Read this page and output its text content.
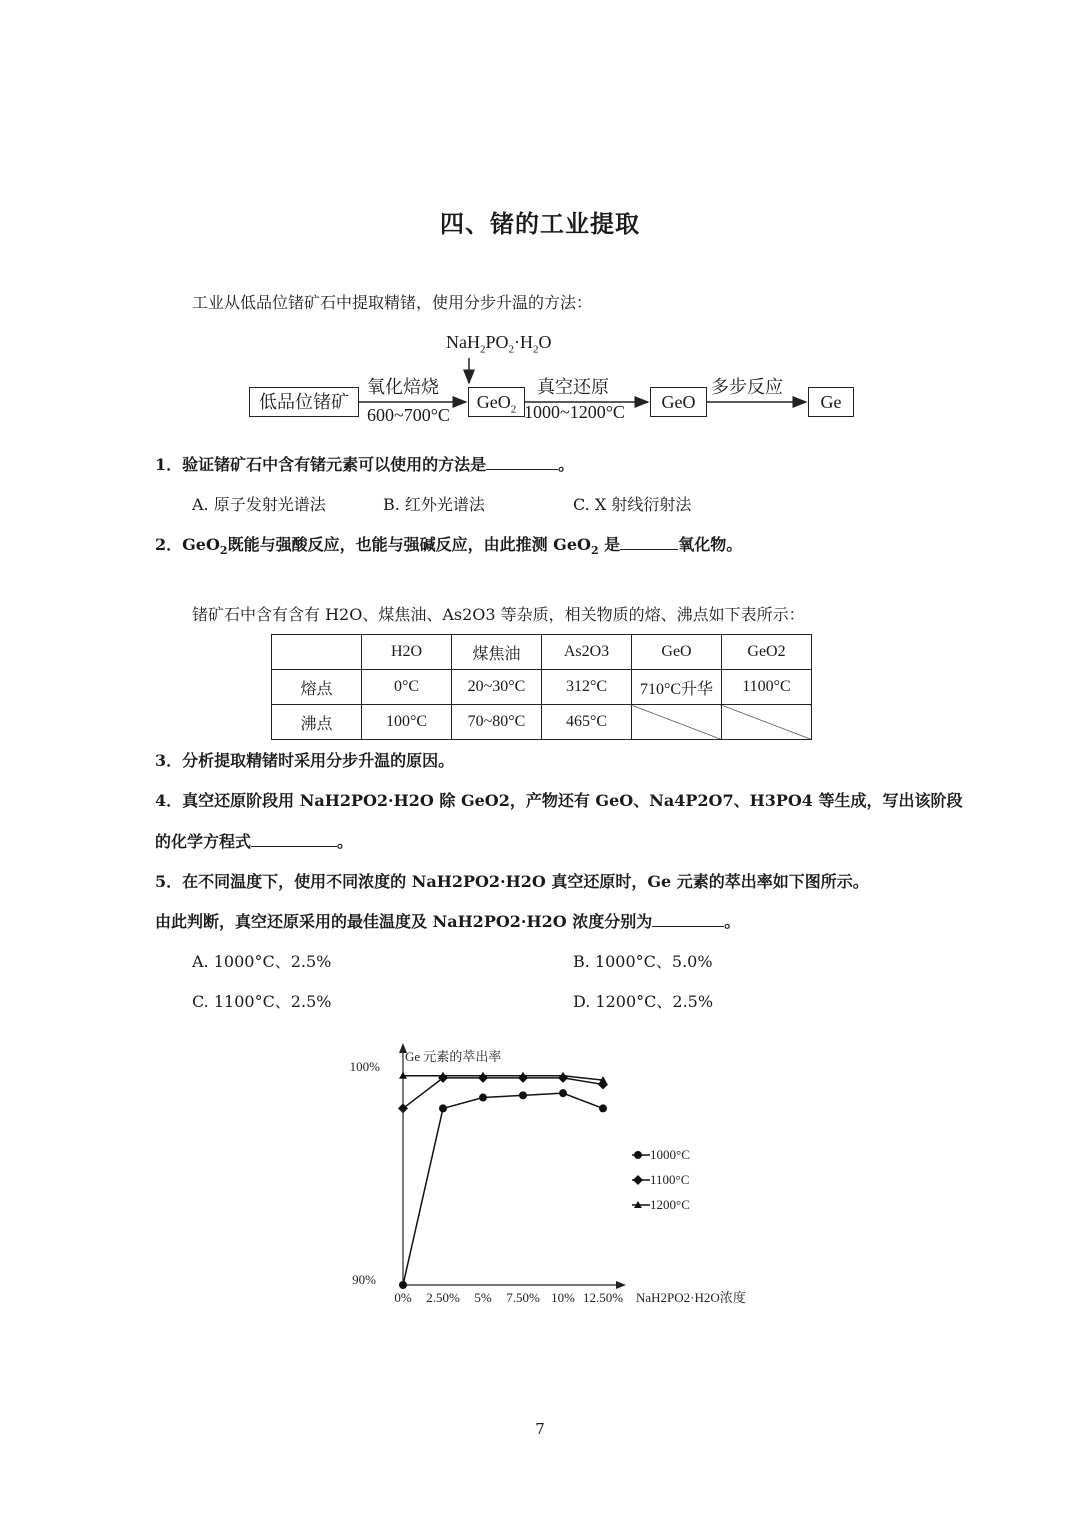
四、锗的工业提取
工业从低品位锗矿石中提取精锗，使用分步升温的方法：
$NaH_2PO_2\cdot H_2O$
低品位锗矿
氧化焙烧
600~700°C
GeO$_2$
真空还原
1000~1200°C	GeO
多步反应
Ge
1．验证锗矿石中含有锗元素可以使用的方法是	。
A. 原子发射光谱法	B. 红外光谱法	C. X 射线衍射法
2．GeO$_2$既能与强酸反应，也能与强碱反应，由此推测 GeO$_2$ 是	氧化物。
锗矿石中含有含有 H2O、煤焦油、As2O3 等杂质，相关物质的熔、沸点如下表所示：
	H2O	煤焦油	As2O3	GeO	GeO2
熔点	0°C	20~30°C	312°C	710°C升华	1100°C
沸点	100°C	70~80°C	465°C		
3．分析提取精锗时采用分步升温的原因。
4．真空还原阶段用 NaH2PO2·H2O 除 GeO2，产物还有 GeO、Na4P2O7、H3PO4 等生成，写出该阶段
的化学方程式	。
5．在不同温度下，使用不同浓度的 NaH2PO2·H2O 真空还原时，Ge 元素的萃出率如下图所示。
由此判断，真空还原采用的最佳温度及 NaH2PO2·H2O 浓度分别为	。
A. 1000°C、2.5%	B. 1000°C、5.0%
C. 1100°C、2.5%	D. 1200°C、2.5%
Ge 元素的萃出率
100%
90%
0% 2.50% 5% 7.50% 10% 12.50% NaH2PO2·H2O浓度
1000°C
1100°C
1200°C
7
